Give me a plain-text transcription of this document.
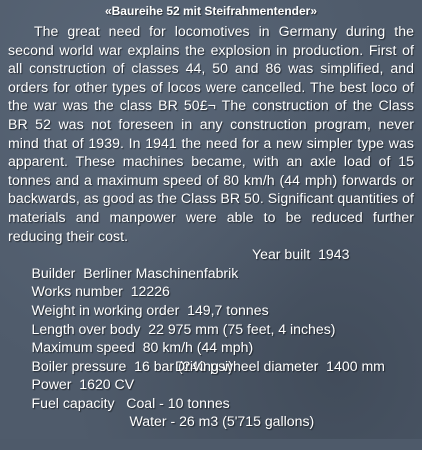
«Baureihe 52 mit Steifrahmentender»

The great need for locomotives in Germany during the second world war explains the explosion in production. First of all construction of classes 44, 50 and 86 was simplified, and orders for other types of locos were cancelled. The best loco of the war was the class BR 50£¬ The construction of the Class BR 52 was not foreseen in any construction program, never mind that of 1939. In 1941 the need for a new simpler type was apparent. These machines became, with an axle load of 15 tonnes and a maximum speed of 80 km/h (44 mph) forwards or backwards, as good as the Class BR 50. Significant quantities of materials and manpower were able to be reduced further reducing their cost.

Builder  Berliner Maschinenfabrik

Year built  1943

Works number  12226

Weight in working order  149,7 tonnes

Length over body  22 975 mm (75 feet, 4 inches)

Maximum speed  80 km/h (44 mph)

Boiler pressure  16 bar (240 psi)

Power  1620 CV

Driving wheel diameter  1400 mm

Fuel capacity   Coal - 10 tonnes

Water - 26 m3 (5'715 gallons)
